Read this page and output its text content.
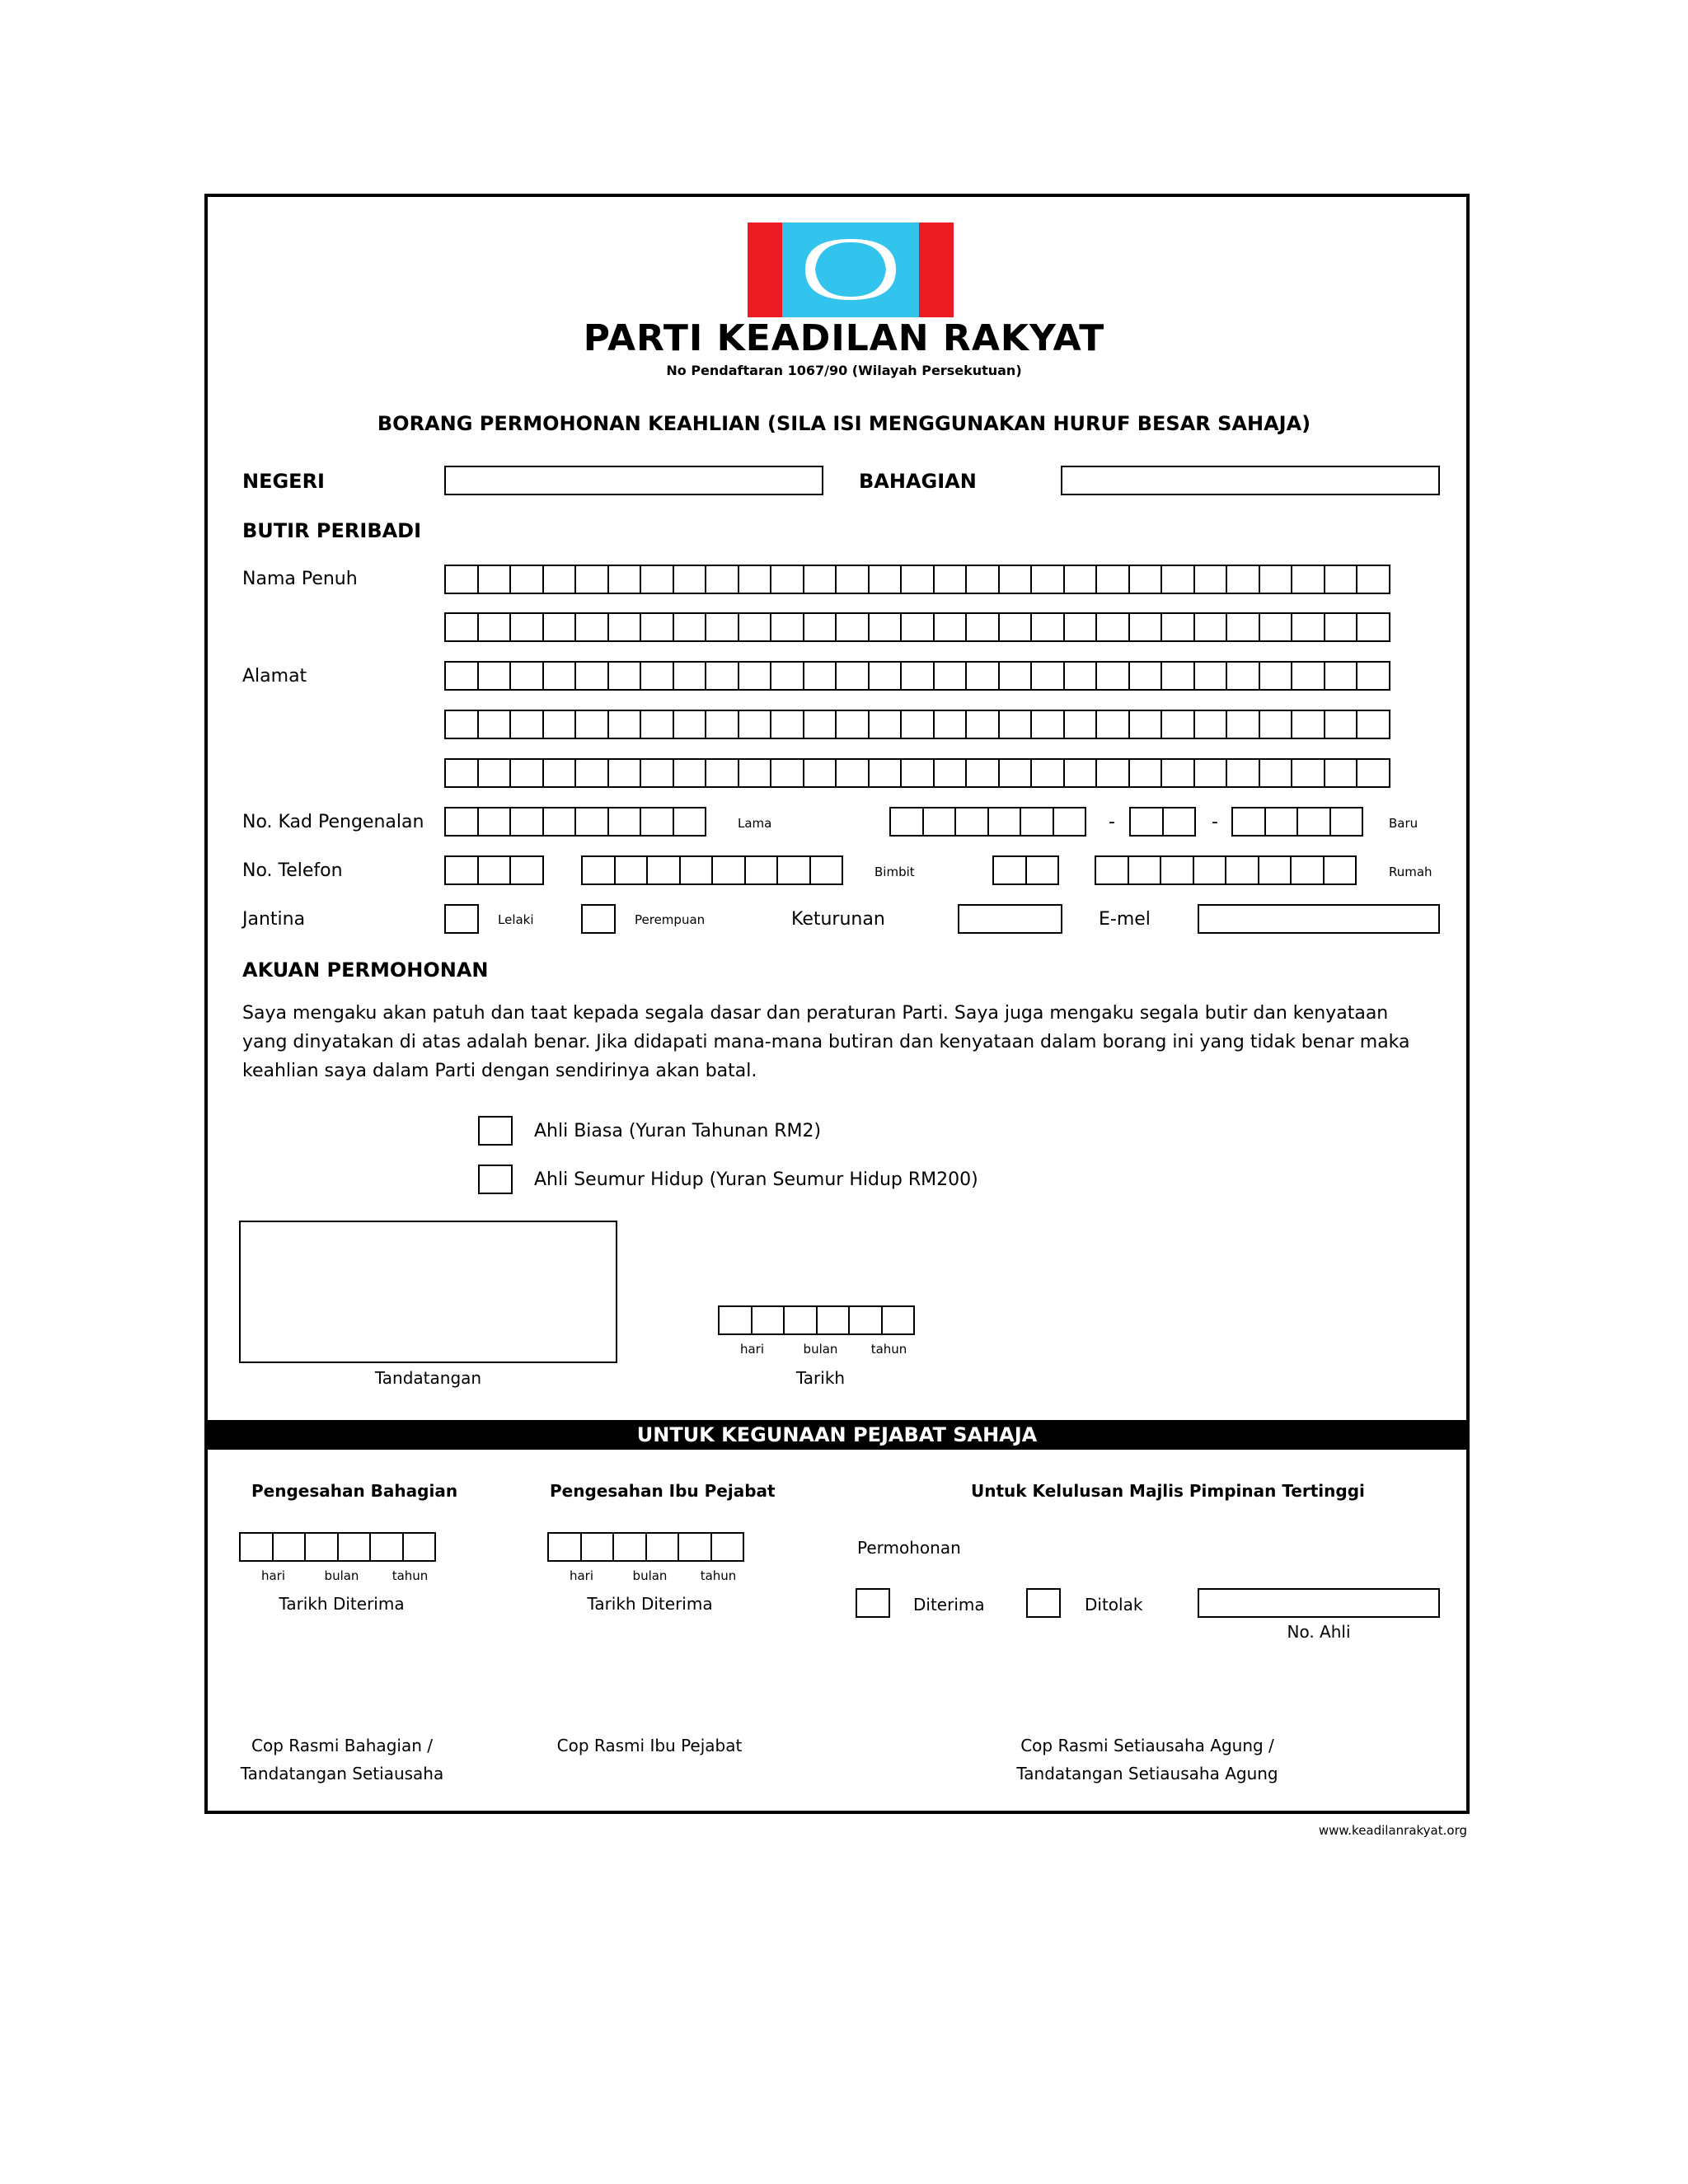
PARTI KEADILAN RAKYAT
No Pendaftaran 1067/90 (Wilayah Persekutuan)
BORANG PERMOHONAN KEAHLIAN (SILA ISI MENGGUNAKAN HURUF BESAR SAHAJA)
NEGERI	BAHAGIAN
BUTIR PERIBADI
Nama Penuh
Alamat
No. Kad Pengenalan	Lama	-	-	Baru
No. Telefon	Bimbit	Rumah
Jantina	Lelaki	Perempuan	Keturunan	E-mel
AKUAN PERMOHONAN
Saya mengaku akan patuh dan taat kepada segala dasar dan peraturan Parti. Saya juga mengaku segala butir dan kenyataan yang dinyatakan di atas adalah benar. Jika didapati mana-mana butiran dan kenyataan dalam borang ini yang tidak benar maka keahlian saya dalam Parti dengan sendirinya akan batal.
Ahli Biasa (Yuran Tahunan RM2)
Ahli Seumur Hidup (Yuran Seumur Hidup RM200)
Tandatangan
hari	bulan	tahun
Tarikh
UNTUK KEGUNAAN PEJABAT SAHAJA
Pengesahan Bahagian	Pengesahan Ibu Pejabat	Untuk Kelulusan Majlis Pimpinan Tertinggi
hari	bulan	tahun
Tarikh Diterima
hari	bulan	tahun
Tarikh Diterima
Permohonan
Diterima	Ditolak
No. Ahli
Cop Rasmi Bahagian /
Tandatangan Setiausaha
Cop Rasmi Ibu Pejabat	Cop Rasmi Setiausaha Agung /
Tandatangan Setiausaha Agung
www.keadilanrakyat.org
